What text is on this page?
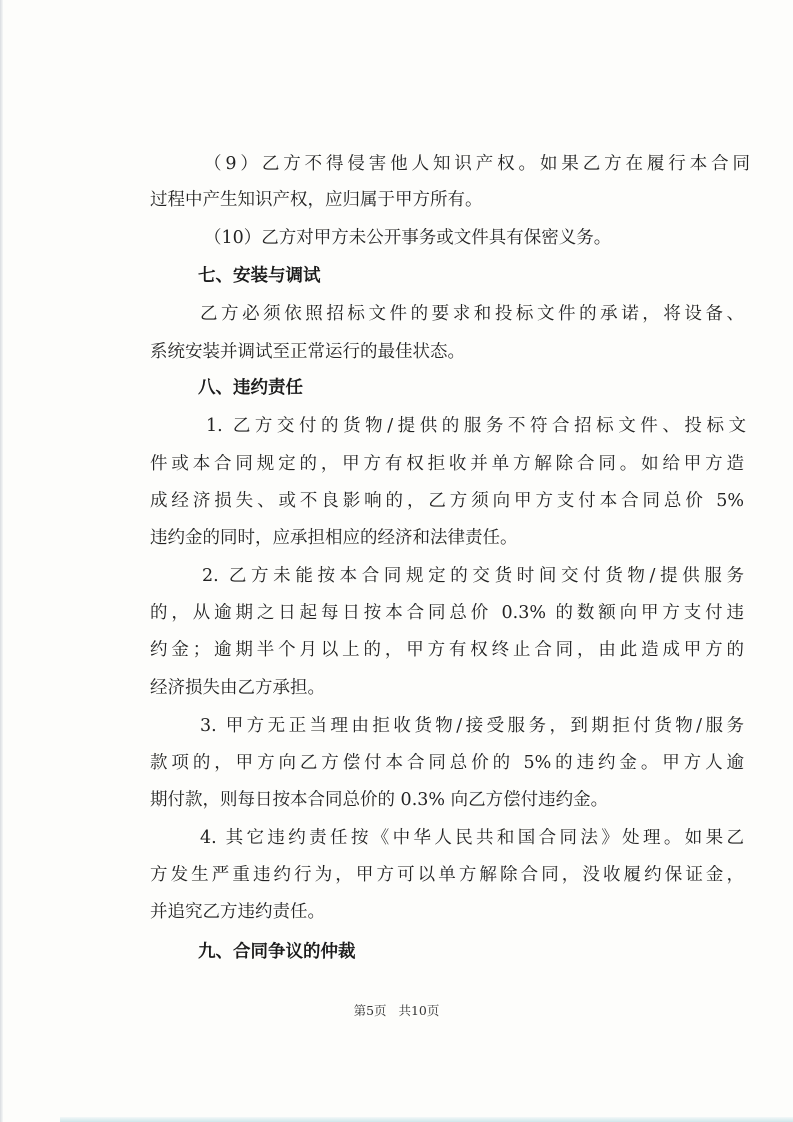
（9）乙方不得侵害他人知识产权。如果乙方在履行本合同
过程中产生知识产权，应归属于甲方所有。
（10）乙方对甲方未公开事务或文件具有保密义务。
七、安装与调试
乙方必须依照招标文件的要求和投标文件的承诺，将设备、
系统安装并调试至正常运行的最佳状态。
八、违约责任
1. 乙方交付的货物/提供的服务不符合招标文件、投标文
件或本合同规定的，甲方有权拒收并单方解除合同。如给甲方造
成经济损失、或不良影响的，乙方须向甲方支付本合同总价 5%
违约金的同时，应承担相应的经济和法律责任。
2. 乙方未能按本合同规定的交货时间交付货物/提供服务
的，从逾期之日起每日按本合同总价 0.3% 的数额向甲方支付违
约金；逾期半个月以上的，甲方有权终止合同，由此造成甲方的
经济损失由乙方承担。
3. 甲方无正当理由拒收货物/接受服务，到期拒付货物/服务
款项的，甲方向乙方偿付本合同总价的 5%的违约金。甲方人逾
期付款，则每日按本合同总价的 0.3% 向乙方偿付违约金。
4. 其它违约责任按《中华人民共和国合同法》处理。如果乙
方发生严重违约行为，甲方可以单方解除合同，没收履约保证金，
并追究乙方违约责任。
九、合同争议的仲裁
第5页 共10页
